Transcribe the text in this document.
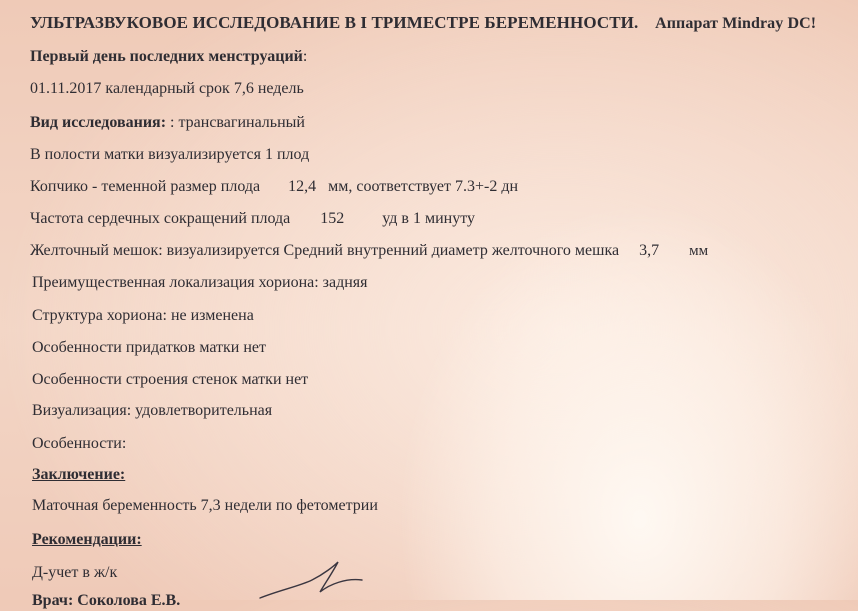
УЛЬТРАЗВУКОВОЕ ИССЛЕДОВАНИЕ В I ТРИМЕСТРЕ БЕРЕМЕННОСТИ. Аппарат Mindray DC!
Первый день последних менструаций:
01.11.2017 календарный срок 7,6 недель
Вид исследования: : трансвагинальный
В полости матки визуализируется 1 плод
Копчико - теменной размер плода 12,4 мм, соответствует 7.3+-2 дн
Частота сердечных сокращений плода 152 уд в 1 минуту
Желточный мешок: визуализируется Средний внутренний диаметр желточного мешка 3,7 мм
Преимущественная локализация хориона: задняя
Структура хориона: не изменена
Особенности придатков матки нет
Особенности строения стенок матки нет
Визуализация: удовлетворительная
Особенности:
Заключение:
Маточная беременность 7,3 недели по фетометрии
Рекомендации:
Д-учет в ж/к
Врач: Соколова Е.В.
